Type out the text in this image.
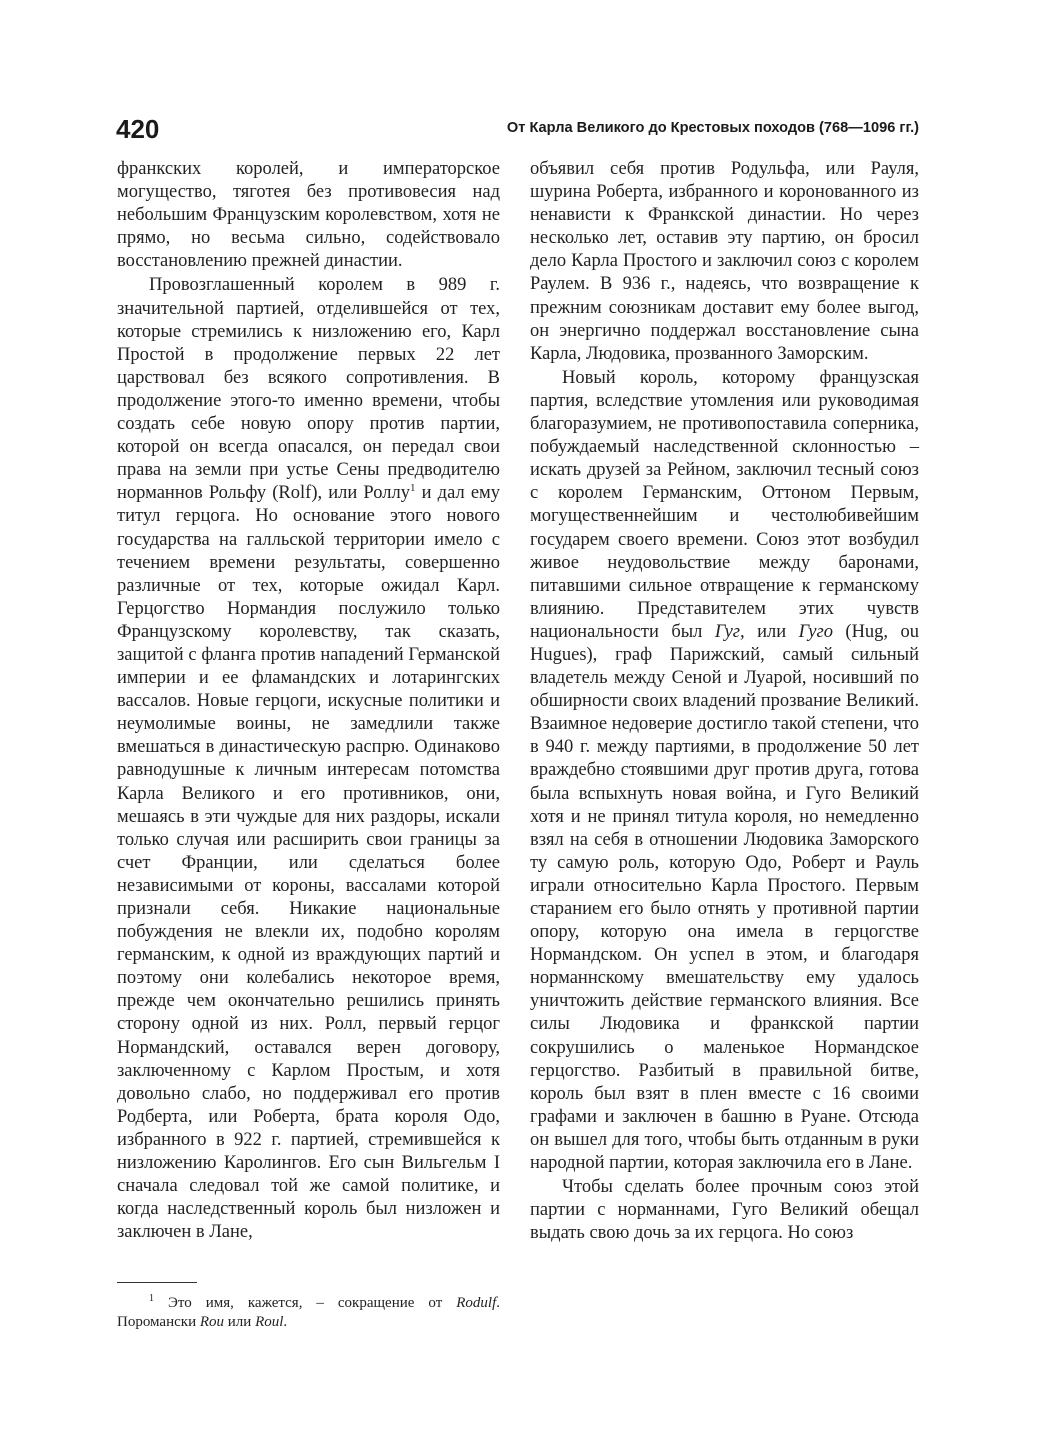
420	От Карла Великого до Крестовых походов (768—1096 гг.)

франкских королей, и императорское могущество, тяготея без противовесия над небольшим Французским королевством, хотя не прямо, но весьма сильно, содействовало восстановлению прежней династии.

Провозглашенный королем в 989 г. значительной партией, отделившейся от тех, которые стремились к низложению его, Карл Простой в продолжение первых 22 лет царствовал без всякого сопротивления. В продолжение этого-то именно времени, чтобы создать себе новую опору против партии, которой он всегда опасался, он передал свои права на земли при устье Сены предводителю норманнов Рольфу (Rolf), или Роллу$^1$ и дал ему титул герцога. Но основание этого нового государства на галльской территории имело с течением времени результаты, совершенно различные от тех, которые ожидал Карл. Герцогство Нормандия послужило только Французскому королевству, так сказать, защитой с фланга против нападений Германской империи и ее фламандских и лотарингских вассалов. Новые герцоги, искусные политики и неумолимые воины, не замедлили также вмешаться в династическую распрю. Одинаково равнодушные к личным интересам потомства Карла Великого и его противников, они, мешаясь в эти чуждые для них раздоры, искали только случая или расширить свои границы за счет Франции, или сделаться более независимыми от короны, вассалами которой признали себя. Никакие национальные побуждения не влекли их, подобно королям германским, к одной из враждующих партий и поэтому они колебались некоторое время, прежде чем окончательно решились принять сторону одной из них. Ролл, первый герцог Нормандский, оставался верен договору, заключенному с Карлом Простым, и хотя довольно слабо, но поддерживал его против Родберта, или Роберта, брата короля Одо, избранного в 922 г. партией, стремившейся к низложению Каролингов. Его сын Вильгельм I сначала следовал той же самой политике, и когда наследственный король был низложен и заключен в Лане,

$^1$ Это имя, кажется, – сокращение от Rodulf. Поромански Rou или Roul.

объявил себя против Родульфа, или Рауля, шурина Роберта, избранного и коронованного из ненависти к Франкской династии. Но через несколько лет, оставив эту партию, он бросил дело Карла Простого и заключил союз с королем Раулем. В 936 г., надеясь, что возвращение к прежним союзникам доставит ему более выгод, он энергично поддержал восстановление сына Карла, Людовика, прозванного Заморским.

Новый король, которому французская партия, вследствие утомления или руководимая благоразумием, не противопоставила соперника, побуждаемый наследственной склонностью – искать друзей за Рейном, заключил тесный союз с королем Германским, Оттоном Первым, могущественнейшим и честолюбивейшим государем своего времени. Союз этот возбудил живое неудовольствие между баронами, питавшими сильное отвращение к германскому влиянию. Представителем этих чувств национальности был Гуг, или Гуго (Hug, ou Hugues), граф Парижский, самый сильный владетель между Сеной и Луарой, носивший по обширности своих владений прозвание Великий. Взаимное недоверие достигло такой степени, что в 940 г. между партиями, в продолжение 50 лет враждебно стоявшими друг против друга, готова была вспыхнуть новая война, и Гуго Великий хотя и не принял титула короля, но немедленно взял на себя в отношении Людовика Заморского ту самую роль, которую Одо, Роберт и Рауль играли относительно Карла Простого. Первым старанием его было отнять у противной партии опору, которую она имела в герцогстве Нормандском. Он успел в этом, и благодаря норманнскому вмешательству ему удалось уничтожить действие германского влияния. Все силы Людовика и франкской партии сокрушились о маленькое Нормандское герцогство. Разбитый в правильной битве, король был взят в плен вместе с 16 своими графами и заключен в башню в Руане. Отсюда он вышел для того, чтобы быть отданным в руки народной партии, которая заключила его в Лане.

Чтобы сделать более прочным союз этой партии с норманнами, Гуго Великий обещал выдать свою дочь за их герцога. Но союз
